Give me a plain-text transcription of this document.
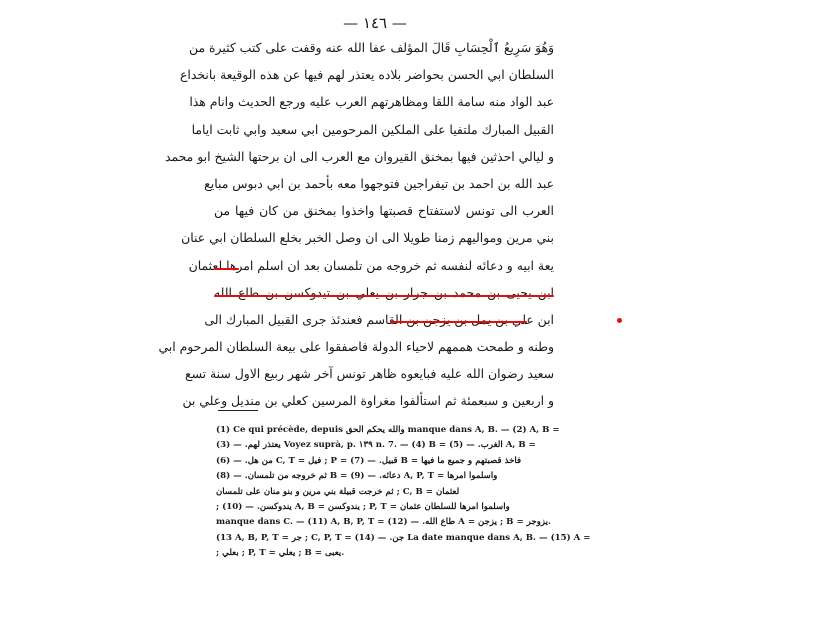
— ١٤٦ —
وَهُوَ سَرِيعُ ٱلْحِسَابِ قَالَ المؤلف عفا الله عنه وقفت على كتب كثيرة من
السلطان ابي الحسن بحواضر بلاده يعتذر لهم فيها عن هذه الوقيعة بانخداع
عبد الواد منه سامة اللقا ومظاهرتهم العرب عليه ورجع الحديث وانام هذا
القبيل المبارك ملتفيا على الملكين المرحومين ابي سعيد وابي ثابت اياما
و ليالي احذثين فيها بمخنق القيروان مع العرب الى ان برحتها الشيخ ابو محمد
عبد الله بن احمد بن تيفراجين فتوجهوا معه بأحمد بن ابي دبوس مبايع
العرب الى تونس لاستفتاح قصبتها واخذوا بمخنق من كان فيها من
بني مرين ومواليهم زمنا طويلا الى ان وصل الخبر بخلع السلطان ابي عنان
يعة ابيه و دعائه لنفسه ثم خروجه من تلمسان بعد ان اسلم امرها لعثمان
ابن يحيى بن محمد بن جرار بن يعلي بن تيدوكسن بن طاع الله
ابن علي بن يمل بن يزجن بن القاسم فعندئذ جرى القبيل المبارك الى
وطنه و طمحت هممهم لاحياء الدولة فاصفقوا على بيعة السلطان المرحوم ابي
سعيد رضوان الله عليه فبايعوه ظاهر تونس آخر شهر ربيع الاول سنة تسع
و اربعين و سبعمئة ثم استألفوا مغراوة المرسين كعلي بن منديل وعلي بن
(1) Ce qui précède, depuis والله يحكم الحق manque dans A, B. — (2) A, B =
يعتذر لهم. — (3) Voyez suprà, p. ١٣٩ n. 7. — (4) B = الغرب. — (5) A, B =
من هل. — (6) C, T = فيل ; P = قبيل. — (7) B = فاخذ قصبتهم و جميع ما فيها
ثم خروجه من تلمسان. — (8) B = دعائه. — (9) A, P, T = واسلموا امرها
ثم خرجت قبيلة بني مرين و بنو منان على تلمسان ; C, B = لعثمان
; يندوكسن. — (10) A, B = يندوكسن ; P, T = واسلموا امرها للسلطان عثمان
manque dans C. — (11) A, B, P, T = طاع الله. — (12) A = يزجن ; B = يزوجر.
(13 A, B, P, T = جر ; C, P, T = جن. — (14) La date manque dans A, B. — (15) A =
; بعلي ; P, T = يعلي ; B = يعبى.
